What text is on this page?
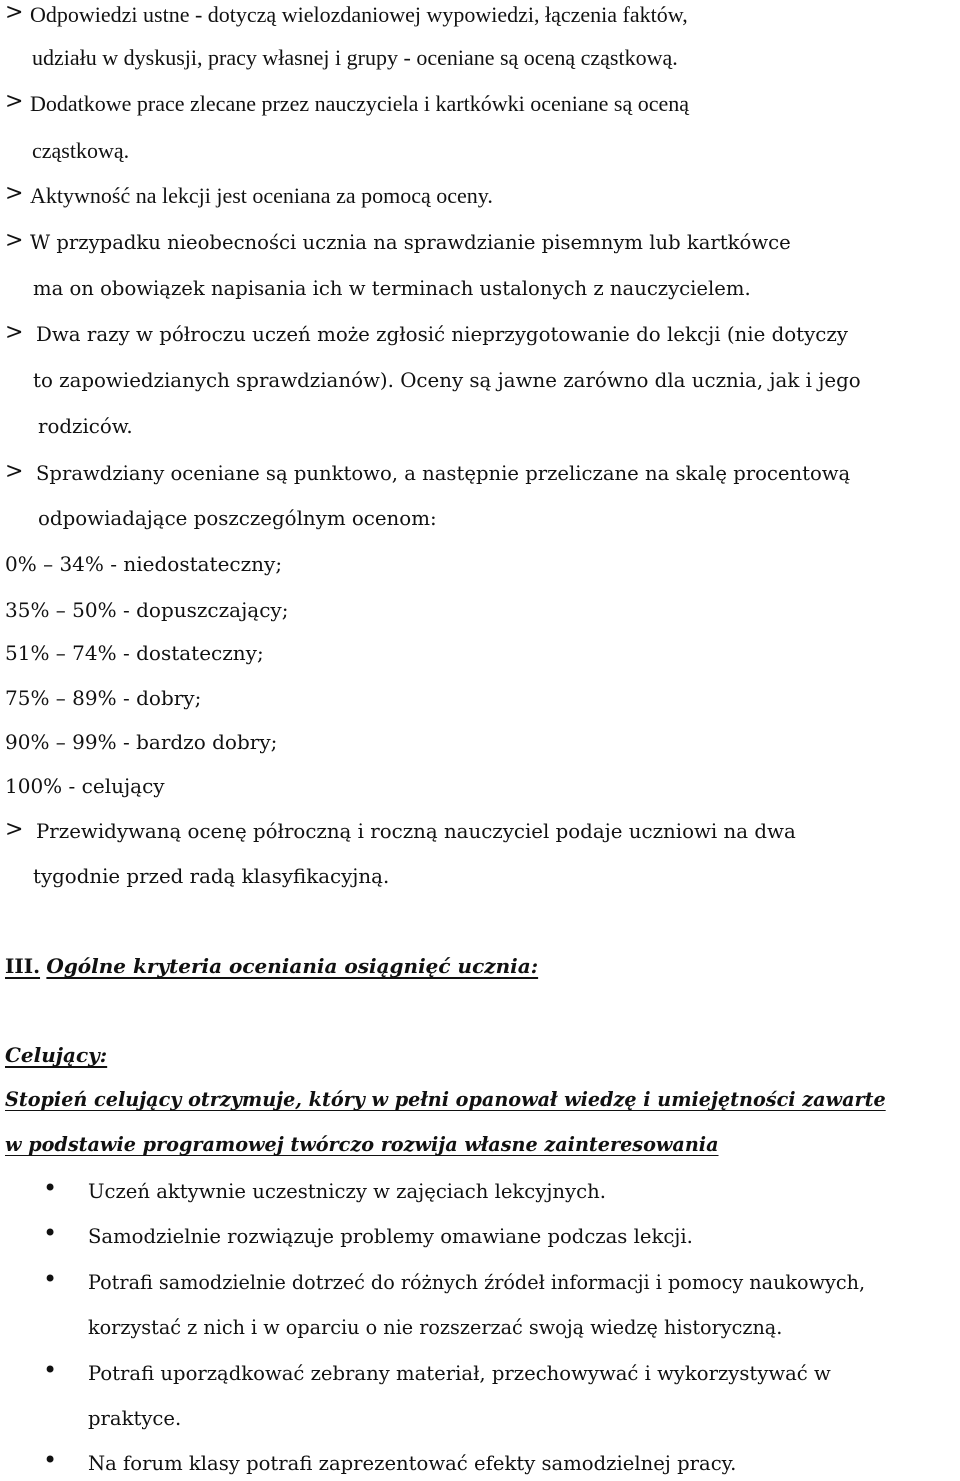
> Odpowiedzi ustne - dotyczą wielozdaniowej wypowiedzi, łączenia faktów,
udziału w dyskusji, pracy własnej i grupy - oceniane są oceną cząstkową.
> Dodatkowe prace zlecane przez nauczyciela i kartkówki oceniane są oceną
cząstkową.
> Aktywność na lekcji jest oceniana za pomocą oceny.
> W przypadku nieobecności ucznia na sprawdzianie pisemnym lub kartkówce
ma on obowiązek napisania ich w terminach ustalonych z nauczycielem.
> Dwa razy w półroczu uczeń może zgłosić nieprzygotowanie do lekcji (nie dotyczy
to zapowiedzianych sprawdzianów). Oceny są jawne zarówno dla ucznia, jak i jego
rodziców.
> Sprawdziany oceniane są punktowo, a następnie przeliczane na skalę procentową
odpowiadające poszczególnym ocenom:
0% – 34% - niedostateczny;
35% – 50% - dopuszczający;
51% – 74% - dostateczny;
75% – 89% - dobry;
90% – 99% - bardzo dobry;
100% - celujący
> Przewidywaną ocenę półroczną i roczną nauczyciel podaje uczniowi na dwa
tygodnie przed radą klasyfikacyjną.
III. Ogólne kryteria oceniania osiągnięć ucznia:
Celujący:
Stopień celujący otrzymuje, który w pełni opanował wiedzę i umiejętności zawarte
w podstawie programowej twórczo rozwija własne zainteresowania
• Uczeń aktywnie uczestniczy w zajęciach lekcyjnych.
• Samodzielnie rozwiązuje problemy omawiane podczas lekcji.
• Potrafi samodzielnie dotrzeć do różnych źródeł informacji i pomocy naukowych,
korzystać z nich i w oparciu o nie rozszerzać swoją wiedzę historyczną.
• Potrafi uporządkować zebrany materiał, przechowywać i wykorzystywać w
praktyce.
• Na forum klasy potrafi zaprezentować efekty samodzielnej pracy.
